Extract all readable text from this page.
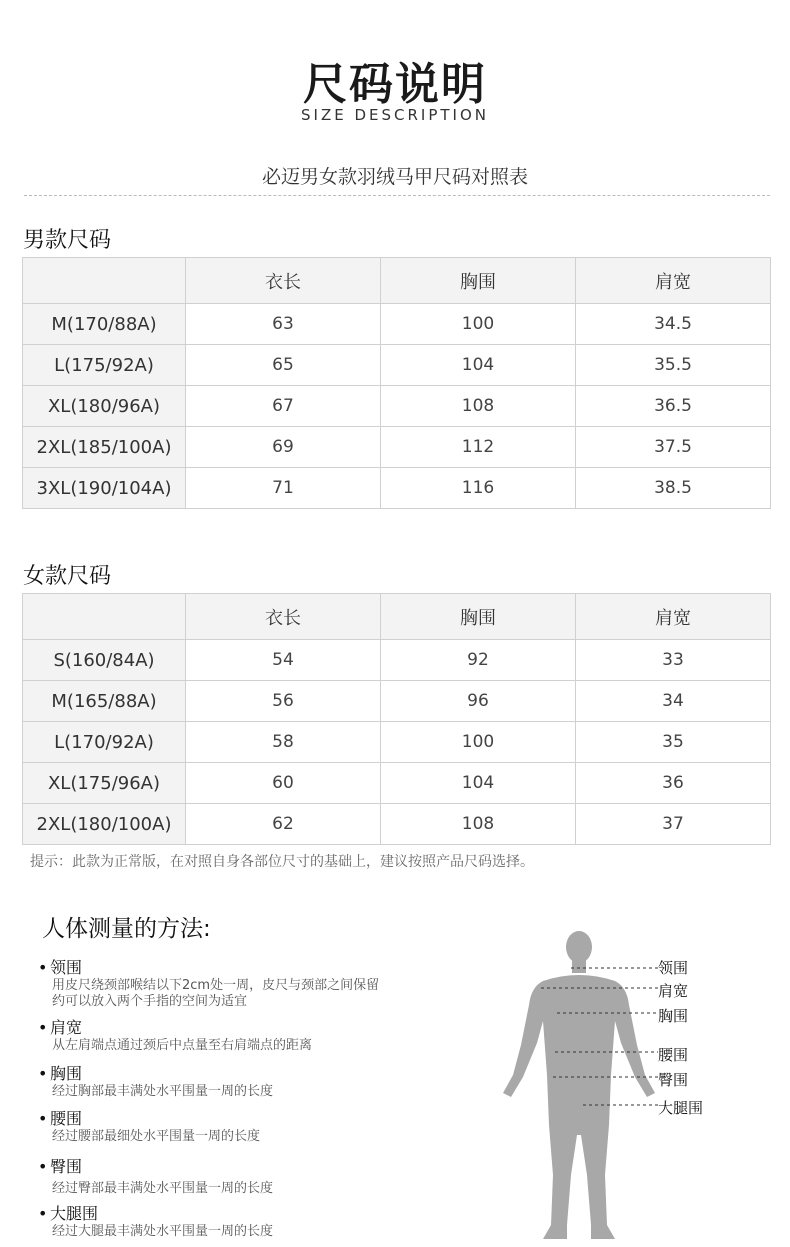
尺码说明
SIZE DESCRIPTION
必迈男女款羽绒马甲尺码对照表
男款尺码
	衣长	胸围	肩宽
M(170/88A)	63	100	34.5
L(175/92A)	65	104	35.5
XL(180/96A)	67	108	36.5
2XL(185/100A)	69	112	37.5
3XL(190/104A)	71	116	38.5
女款尺码
	衣长	胸围	肩宽
S(160/84A)	54	92	33
M(165/88A)	56	96	34
L(170/92A)	58	100	35
XL(175/96A)	60	104	36
2XL(180/100A)	62	108	37
提示：此款为正常版，在对照自身各部位尺寸的基础上，建议按照产品尺码选择。
人体测量的方法:
• 领围
用皮尺绕颈部喉结以下2cm处一周，皮尺与颈部之间保留
约可以放入两个手指的空间为适宜
• 肩宽
从左肩端点通过颈后中点量至右肩端点的距离
• 胸围
经过胸部最丰满处水平围量一周的长度
• 腰围
经过腰部最细处水平围量一周的长度
• 臀围
经过臀部最丰满处水平围量一周的长度
• 大腿围
经过大腿最丰满处水平围量一周的长度
领围
肩宽
胸围
腰围
臀围
大腿围
